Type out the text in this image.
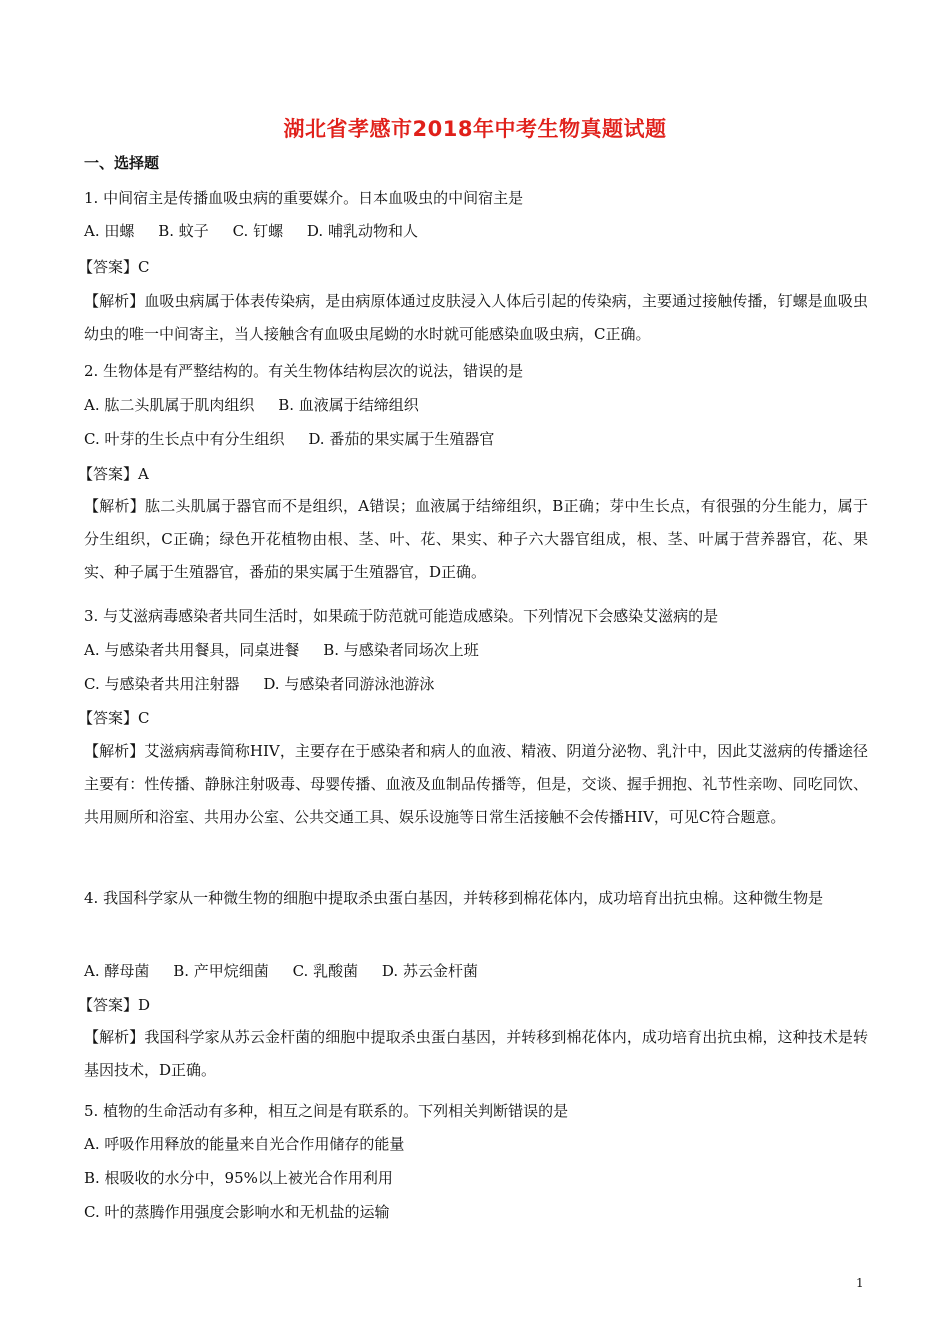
湖北省孝感市2018年中考生物真题试题
一、选择题
1. 中间宿主是传播血吸虫病的重要媒介。日本血吸虫的中间宿主是
A. 田螺     B. 蚊子     C. 钉螺     D. 哺乳动物和人
【答案】C
【解析】血吸虫病属于体表传染病，是由病原体通过皮肤浸入人体后引起的传染病，主要通过接触传播，钉螺是血吸虫幼虫的唯一中间寄主，当人接触含有血吸虫尾蚴的水时就可能感染血吸虫病，C正确。
2. 生物体是有严整结构的。有关生物体结构层次的说法，错误的是
A. 肱二头肌属于肌肉组织     B. 血液属于结缔组织
C. 叶芽的生长点中有分生组织     D. 番茄的果实属于生殖器官
【答案】A
【解析】肱二头肌属于器官而不是组织，A错误；血液属于结缔组织，B正确；芽中生长点，有很强的分生能力，属于分生组织，C正确；绿色开花植物由根、茎、叶、花、果实、种子六大器官组成，根、茎、叶属于营养器官，花、果实、种子属于生殖器官，番茄的果实属于生殖器官，D正确。
3. 与艾滋病毒感染者共同生活时，如果疏于防范就可能造成感染。下列情况下会感染艾滋病的是
A. 与感染者共用餐具，同桌进餐     B. 与感染者同场次上班
C. 与感染者共用注射器     D. 与感染者同游泳池游泳
【答案】C
【解析】艾滋病病毒简称HIV，主要存在于感染者和病人的血液、精液、阴道分泌物、乳汁中，因此艾滋病的传播途径主要有：性传播、静脉注射吸毒、母婴传播、血液及血制品传播等，但是，交谈、握手拥抱、礼节性亲吻、同吃同饮、共用厕所和浴室、共用办公室、公共交通工具、娱乐设施等日常生活接触不会传播HIV，可见C符合题意。
4. 我国科学家从一种微生物的细胞中提取杀虫蛋白基因，并转移到棉花体内，成功培育出抗虫棉。这种微生物是
A. 酵母菌     B. 产甲烷细菌     C. 乳酸菌     D. 苏云金杆菌
【答案】D
【解析】我国科学家从苏云金杆菌的细胞中提取杀虫蛋白基因，并转移到棉花体内，成功培育出抗虫棉，这种技术是转基因技术，D正确。
5. 植物的生命活动有多种，相互之间是有联系的。下列相关判断错误的是
A. 呼吸作用释放的能量来自光合作用储存的能量
B. 根吸收的水分中，95%以上被光合作用利用
C. 叶的蒸腾作用强度会影响水和无机盐的运输
1
